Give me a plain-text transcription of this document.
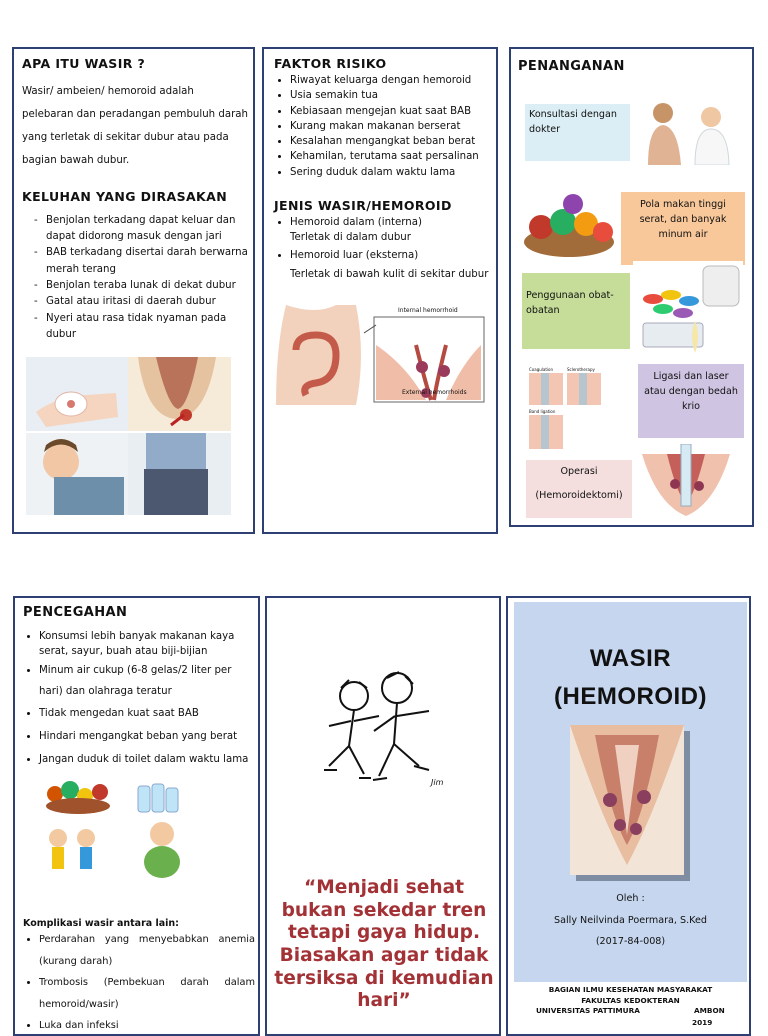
APA ITU WASIR ?

Wasir/ ambeien/ hemoroid adalah pelebaran dan peradangan pembuluh darah yang terletak di sekitar dubur atau pada bagian bawah dubur.

KELUHAN YANG DIRASAKAN

- Benjolan terkadang dapat keluar dan dapat didorong masuk dengan jari
- BAB terkadang disertai darah berwarna merah terang
- Benjolan teraba lunak di dekat dubur
- Gatal atau iritasi di daerah dubur
- Nyeri atau rasa tidak nyaman pada dubur

FAKTOR RISIKO

• Riwayat keluarga dengan hemoroid
• Usia semakin tua
• Kebiasaan mengejan kuat saat BAB
• Kurang makan makanan berserat
• Kesalahan mengangkat beban berat
• Kehamilan, terutama saat persalinan
• Sering duduk dalam waktu lama

JENIS WASIR/HEMOROID

• Hemoroid dalam (interna)
Terletak di dalam dubur
• Hemoroid luar (eksterna)
Terletak di bawah kulit di sekitar dubur
Internal hemorrhoid
External hemorrhoids

PENANGANAN

Konsultasi dengan dokter
Pola makan tinggi serat, dan banyak minum air
Penggunaan obat-obatan
Coagulation	Sclerotherapy
Band ligation
Ligasi dan laser atau dengan bedah krio
Operasi (Hemoroidektomi)

PENCEGAHAN

• Konsumsi lebih banyak makanan kaya serat, sayur, buah atau biji-bijian
• Minum air cukup (6-8 gelas/2 liter per hari) dan olahraga teratur
• Tidak mengedan kuat saat BAB
• Hindari mengangkat beban yang berat
• Jangan duduk di toilet dalam waktu lama

Komplikasi wasir antara lain:

• Perdarahan yang menyebabkan anemia (kurang darah)
• Trombosis (Pembekuan darah dalam hemoroid/wasir)
• Luka dan infeksi
Jim
“Menjadi sehat bukan sekedar tren tetapi gaya hidup. Biasakan agar tidak tersiksa di kemudian hari”
WASIR
(HEMOROID)
Oleh :
Sally Neilvinda Poermara, S.Ked
(2017-84-008)
BAGIAN ILMU KESEHATAN MASYARAKAT
FAKULTAS KEDOKTERAN
UNIVERSITAS PATTIMURA	AMBON
2019
